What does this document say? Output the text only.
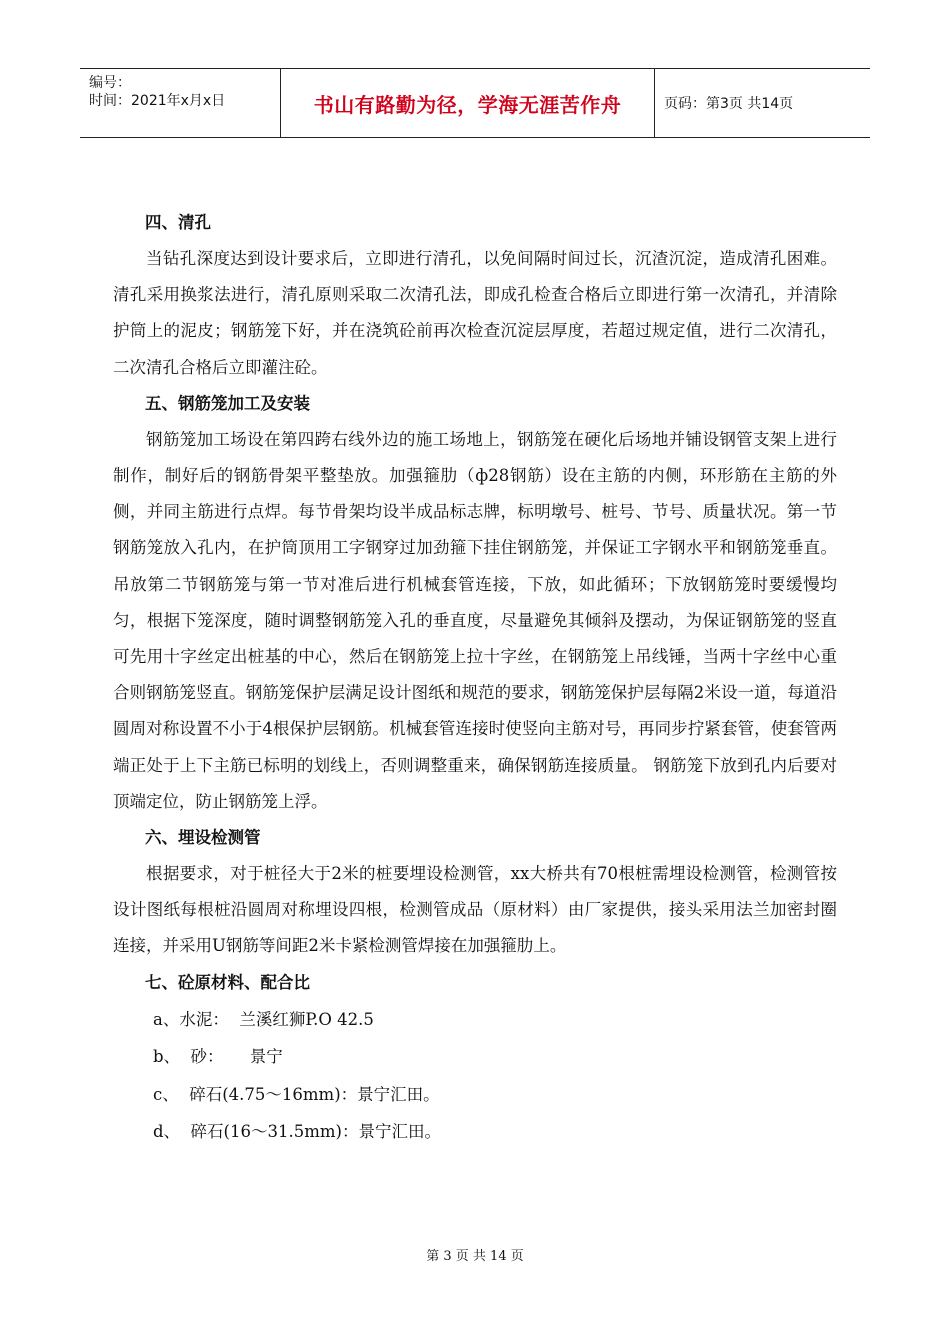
编号：
时间：2021年x月x日	书山有路勤为径，学海无涯苦作舟	页码：第3页 共14页
四、清孔

当钻孔深度达到设计要求后，立即进行清孔，以免间隔时间过长，沉渣沉淀，造成清孔困难。清孔采用换浆法进行，清孔原则采取二次清孔法，即成孔检查合格后立即进行第一次清孔，并清除护筒上的泥皮；钢筋笼下好，并在浇筑砼前再次检查沉淀层厚度，若超过规定值，进行二次清孔，二次清孔合格后立即灌注砼。

五、钢筋笼加工及安装

钢筋笼加工场设在第四跨右线外边的施工场地上，钢筋笼在硬化后场地并铺设钢管支架上进行制作，制好后的钢筋骨架平整垫放。加强箍肋（ф28钢筋）设在主筋的内侧，环形筋在主筋的外侧，并同主筋进行点焊。每节骨架均设半成品标志牌，标明墩号、桩号、节号、质量状况。第一节钢筋笼放入孔内，在护筒顶用工字钢穿过加劲箍下挂住钢筋笼，并保证工字钢水平和钢筋笼垂直。吊放第二节钢筋笼与第一节对准后进行机械套管连接，下放，如此循环；下放钢筋笼时要缓慢均匀，根据下笼深度，随时调整钢筋笼入孔的垂直度，尽量避免其倾斜及摆动，为保证钢筋笼的竖直可先用十字丝定出桩基的中心，然后在钢筋笼上拉十字丝，在钢筋笼上吊线锤，当两十字丝中心重合则钢筋笼竖直。钢筋笼保护层满足设计图纸和规范的要求，钢筋笼保护层每隔2米设一道，每道沿圆周对称设置不小于4根保护层钢筋。机械套管连接时使竖向主筋对号，再同步拧紧套管，使套管两端正处于上下主筋已标明的划线上，否则调整重来，确保钢筋连接质量。 钢筋笼下放到孔内后要对顶端定位，防止钢筋笼上浮。

六、埋设检测管

根据要求，对于桩径大于2米的桩要埋设检测管，xx大桥共有70根桩需埋设检测管，检测管按设计图纸每根桩沿圆周对称埋设四根，检测管成品（原材料）由厂家提供，接头采用法兰加密封圈连接，并采用U钢筋等间距2米卡紧检测管焊接在加强箍肋上。

七、砼原材料、配合比
a、水泥：  兰溪红狮P.O 42.5
b、  砂：     景宁
c、  碎石(4.75～16mm)：景宁汇田。
d、  碎石(16～31.5mm)：景宁汇田。
第 3 页 共 14 页
